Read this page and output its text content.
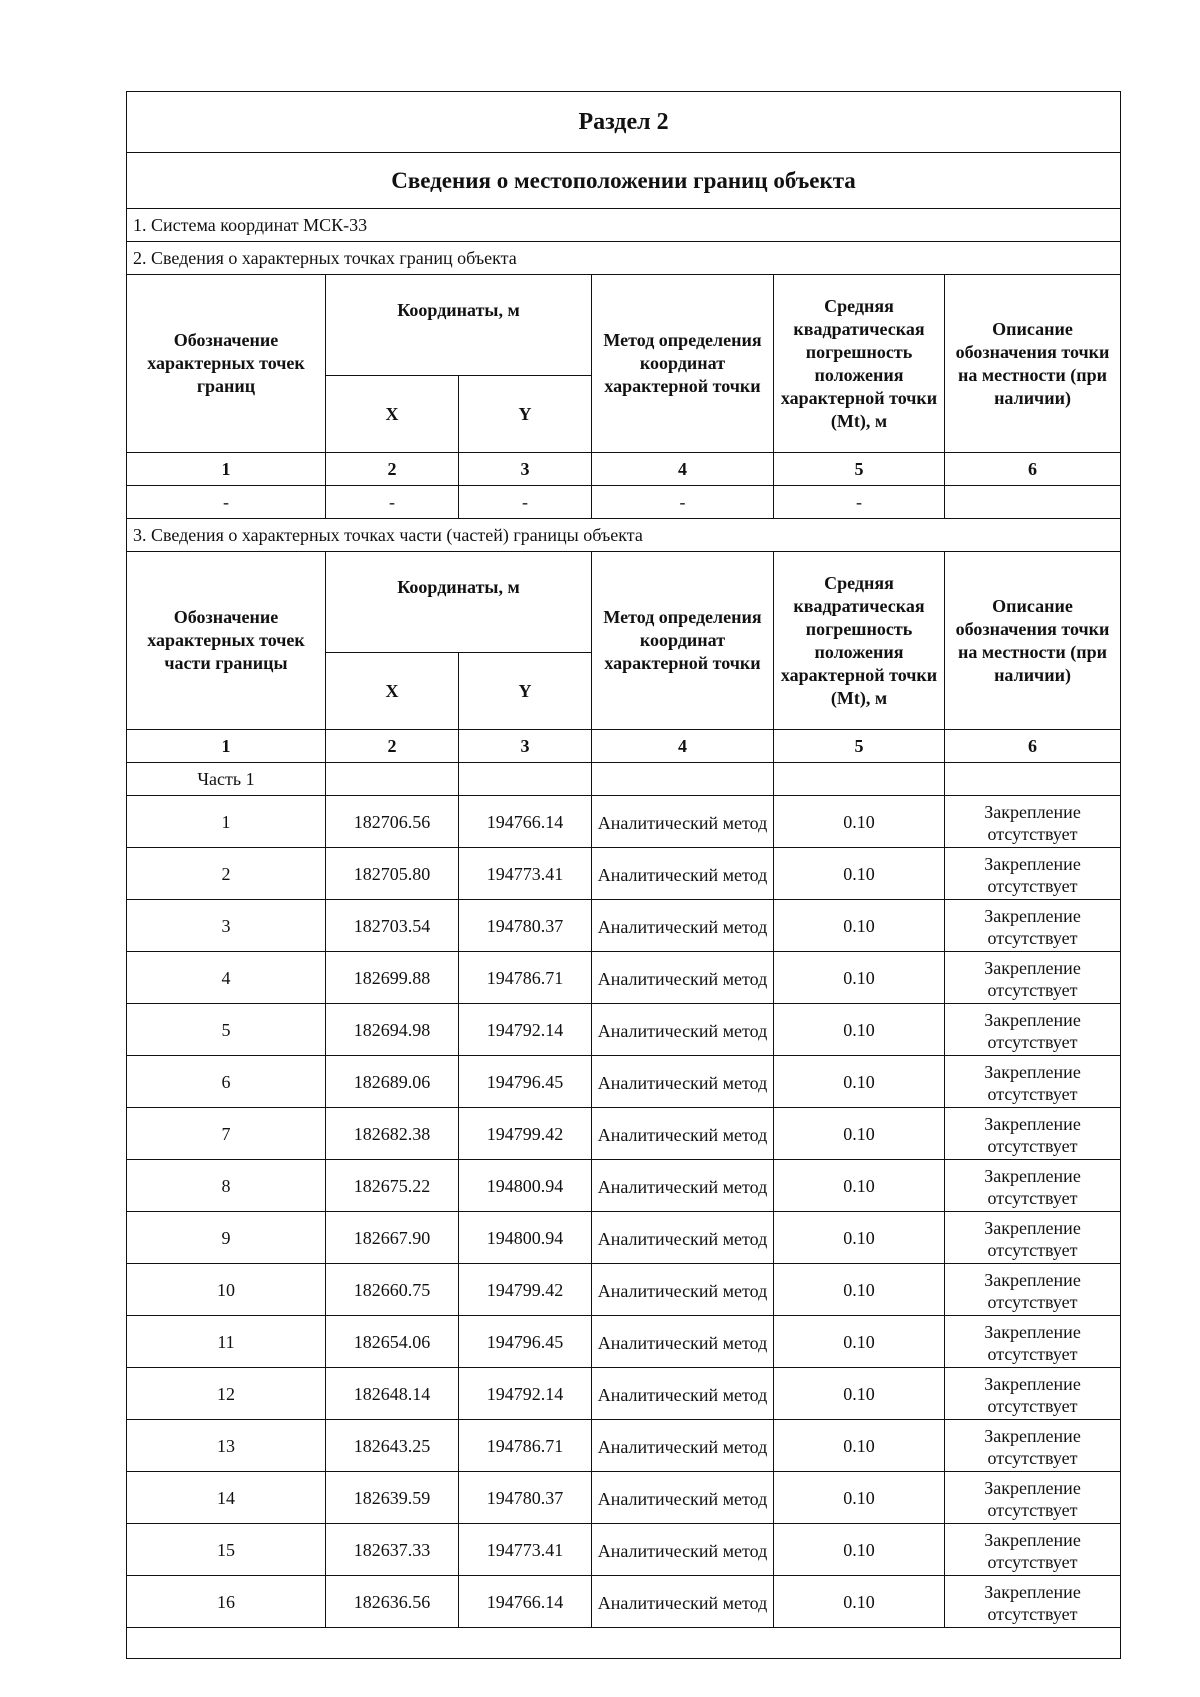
Раздел 2					
Сведения о местоположении границ объекта					
1. Система координат МСК-33					
2. Сведения о характерных точках границ объекта					
Обозначение характерных точек границ	Координаты, м		Метод определения координат характерной точки	Средняя квадратическая погрешность положения характерной точки (Mt), м	Описание обозначения точки на местности (при наличии)
	X	Y			
1	2	3	4	5	6
-	-	-	-	-	
3. Сведения о характерных точках части (частей) границы объекта					
Обозначение характерных точек части границы	Координаты, м		Метод определения координат характерной точки	Средняя квадратическая погрешность положения характерной точки (Mt), м	Описание обозначения точки на местности (при наличии)
	X	Y			
1	2	3	4	5	6
Часть 1					
1	182706.56	194766.14	Аналитический метод	0.10	Закрепление отсутствует
2	182705.80	194773.41	Аналитический метод	0.10	Закрепление отсутствует
3	182703.54	194780.37	Аналитический метод	0.10	Закрепление отсутствует
4	182699.88	194786.71	Аналитический метод	0.10	Закрепление отсутствует
5	182694.98	194792.14	Аналитический метод	0.10	Закрепление отсутствует
6	182689.06	194796.45	Аналитический метод	0.10	Закрепление отсутствует
7	182682.38	194799.42	Аналитический метод	0.10	Закрепление отсутствует
8	182675.22	194800.94	Аналитический метод	0.10	Закрепление отсутствует
9	182667.90	194800.94	Аналитический метод	0.10	Закрепление отсутствует
10	182660.75	194799.42	Аналитический метод	0.10	Закрепление отсутствует
11	182654.06	194796.45	Аналитический метод	0.10	Закрепление отсутствует
12	182648.14	194792.14	Аналитический метод	0.10	Закрепление отсутствует
13	182643.25	194786.71	Аналитический метод	0.10	Закрепление отсутствует
14	182639.59	194780.37	Аналитический метод	0.10	Закрепление отсутствует
15	182637.33	194773.41	Аналитический метод	0.10	Закрепление отсутствует
16	182636.56	194766.14	Аналитический метод	0.10	Закрепление отсутствует
